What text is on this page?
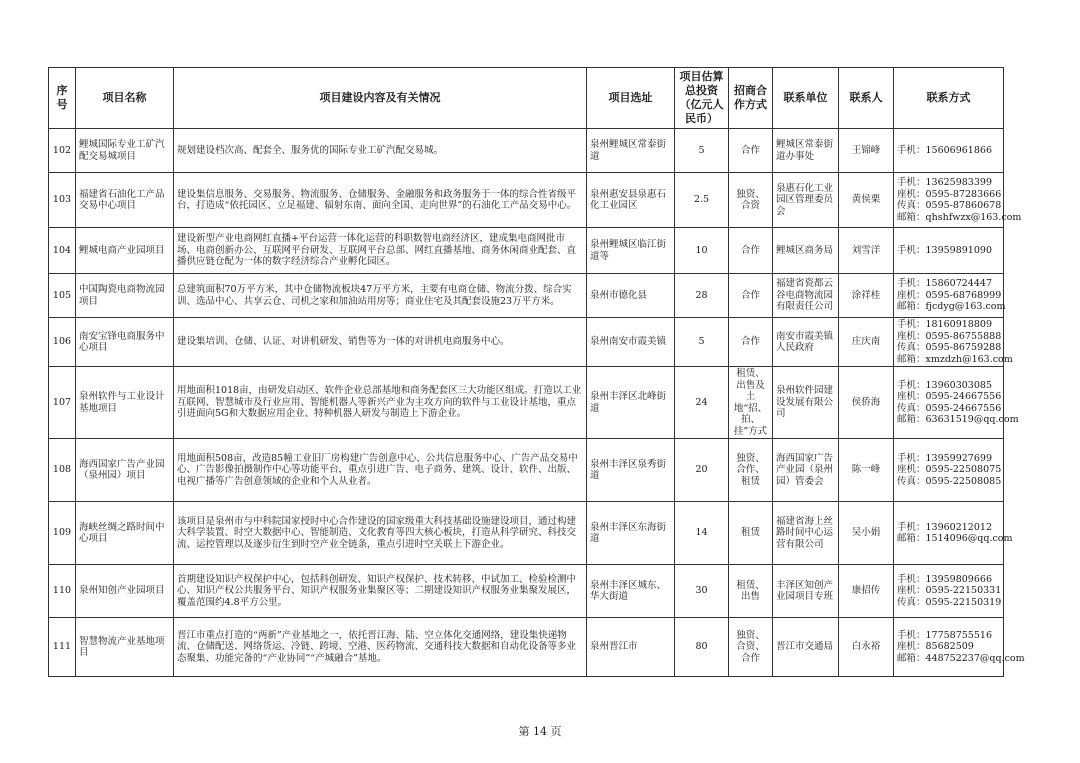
序号	项目名称	项目建设内容及有关情况	项目选址	项目估算总投资（亿元人民币）	招商合作方式	联系单位	联系人	联系方式
102	鲤城国际专业工矿汽配交易城项目	规划建设档次高、配套全、服务优的国际专业工矿汽配交易城。	泉州鲤城区常泰街道	5	合作	鲤城区常泰街道办事处	王锦峰	手机：15606961866

103	福建省石油化工产品交易中心项目	建设集信息服务、交易服务、物流服务、仓储服务、金融服务和政务服务于一体的综合性省级平台，打造成“依托园区、立足福建、辐射东南、面向全国、走向世界”的石油化工产品交易中心。	泉州惠安县泉惠石化工业园区	2.5	独资、合资	泉惠石化工业园区管理委员会	黄侯栗	手机：13625983399
座机：0595-87283666
传真：0595-87860678
邮箱：qhshfwzx@163.com

104	鲤城电商产业园项目	建设新型产业电商网红直播+平台运营一体化运营的科职数智电商经济区，建成集电商网批市场、电商创新办公、互联网平台研发、互联网平台总部、网红直播基地、商务休闲商业配套、直播供应链仓配为一体的数字经济综合产业孵化园区。	泉州鲤城区临江街道等	10	合作	鲤城区商务局	刘雪洋	手机：13959891090

105	中国陶瓷电商物流园项目	总建筑面积70万平方米，其中仓储物流板块47万平方米，主要有电商仓储、物流分拨、综合实训、选品中心、共享云仓、司机之家和加油站用房等；商业住宅及其配套设施23万平方米。	泉州市德化县	28	合作	福建省瓷都云谷电商物流园有限责任公司	涂祥桂	手机：15860724447
座机：0595-68768999
邮箱：fjcdyg@163.com

106	南安宝锋电商服务中心项目	建设集培训、仓储、认证、对讲机研发、销售等为一体的对讲机电商服务中心。	泉州南安市霞美镇	5	合作	南安市霞美镇人民政府	庄庆南	手机：18160918809
座机：0595-86755888
传真：0595-86759288
邮箱：xmzdzh@163.com

107	泉州软件与工业设计基地项目	用地面积1018亩，由研发启动区、软件企业总部基地和商务配套区三大功能区组成。打造以工业互联网、智慧城市及行业应用、智能机器人等新兴产业为主攻方向的软件与工业设计基地，重点引进面向5G和大数据应用企业、特种机器人研发与制造上下游企业。	泉州丰泽区北峰街道	24	租赁、出售及土地“招、拍、挂”方式	泉州软件园建设发展有限公司	侯侨海	手机：13960303085
座机：0595-24667556
传真：0595-24667556
邮箱：63631519@qq.com

108	海西国家广告产业园（泉州园）项目	用地面积508亩，改造85幢工业旧厂房构建广告创意中心、公共信息服务中心、广告产品交易中心、广告影像拍摄制作中心等功能平台，重点引进广告、电子商务、建筑、设计、软件、出版、电视广播等广告创意领域的企业和个人从业者。	泉州丰泽区泉秀街道	20	独资、合作、租赁	海西国家广告产业园（泉州园）管委会	陈一峰	手机：13959927699
座机：0595-22508075
传真：0595-22508085

109	海峡丝绸之路时间中心项目	该项目是泉州市与中科院国家授时中心合作建设的国家级重大科技基础设施建设项目，通过构建大科学装置、时空大数据中心、智能制造、文化教育等四大核心板块，打造从科学研究、科技交流、运控管理以及逐步衍生到时空产业全链条，重点引进时空关联上下游企业。	泉州丰泽区东海街道	14	租赁	福建省海上丝路时间中心运营有限公司	吴小娟	手机：13960212012
邮箱：1514096@qq.com

110	泉州知创产业园项目	首期建设知识产权保护中心，包括科创研发、知识产权保护、技术转移、中试加工、检验检测中心、知识产权公共服务平台、知识产权服务业集聚区等；二期建设知识产权服务业集聚发展区，覆盖范围约4.8平方公里。	泉州丰泽区城东、华大街道	30	租赁、出售	丰泽区知创产业园项目专班	康招传	手机：13959809666
座机：0595-22150331
传真：0595-22150319

111	智慧物流产业基地项目	晋江市重点打造的“两新”产业基地之一，依托晋江海、陆、空立体化交通网络，建设集快递物流、仓储配送、网络货运、冷链、跨境、空港、医药物流、交通科技大数据和自动化设备等多业态聚集、功能完备的“产业协同”“产城融合”基地。	泉州晋江市	80	独资、合资、合作	晋江市交通局	白永裕	手机：17758755516
座机：85682509
邮箱：448752237@qq.com
第 14 页
